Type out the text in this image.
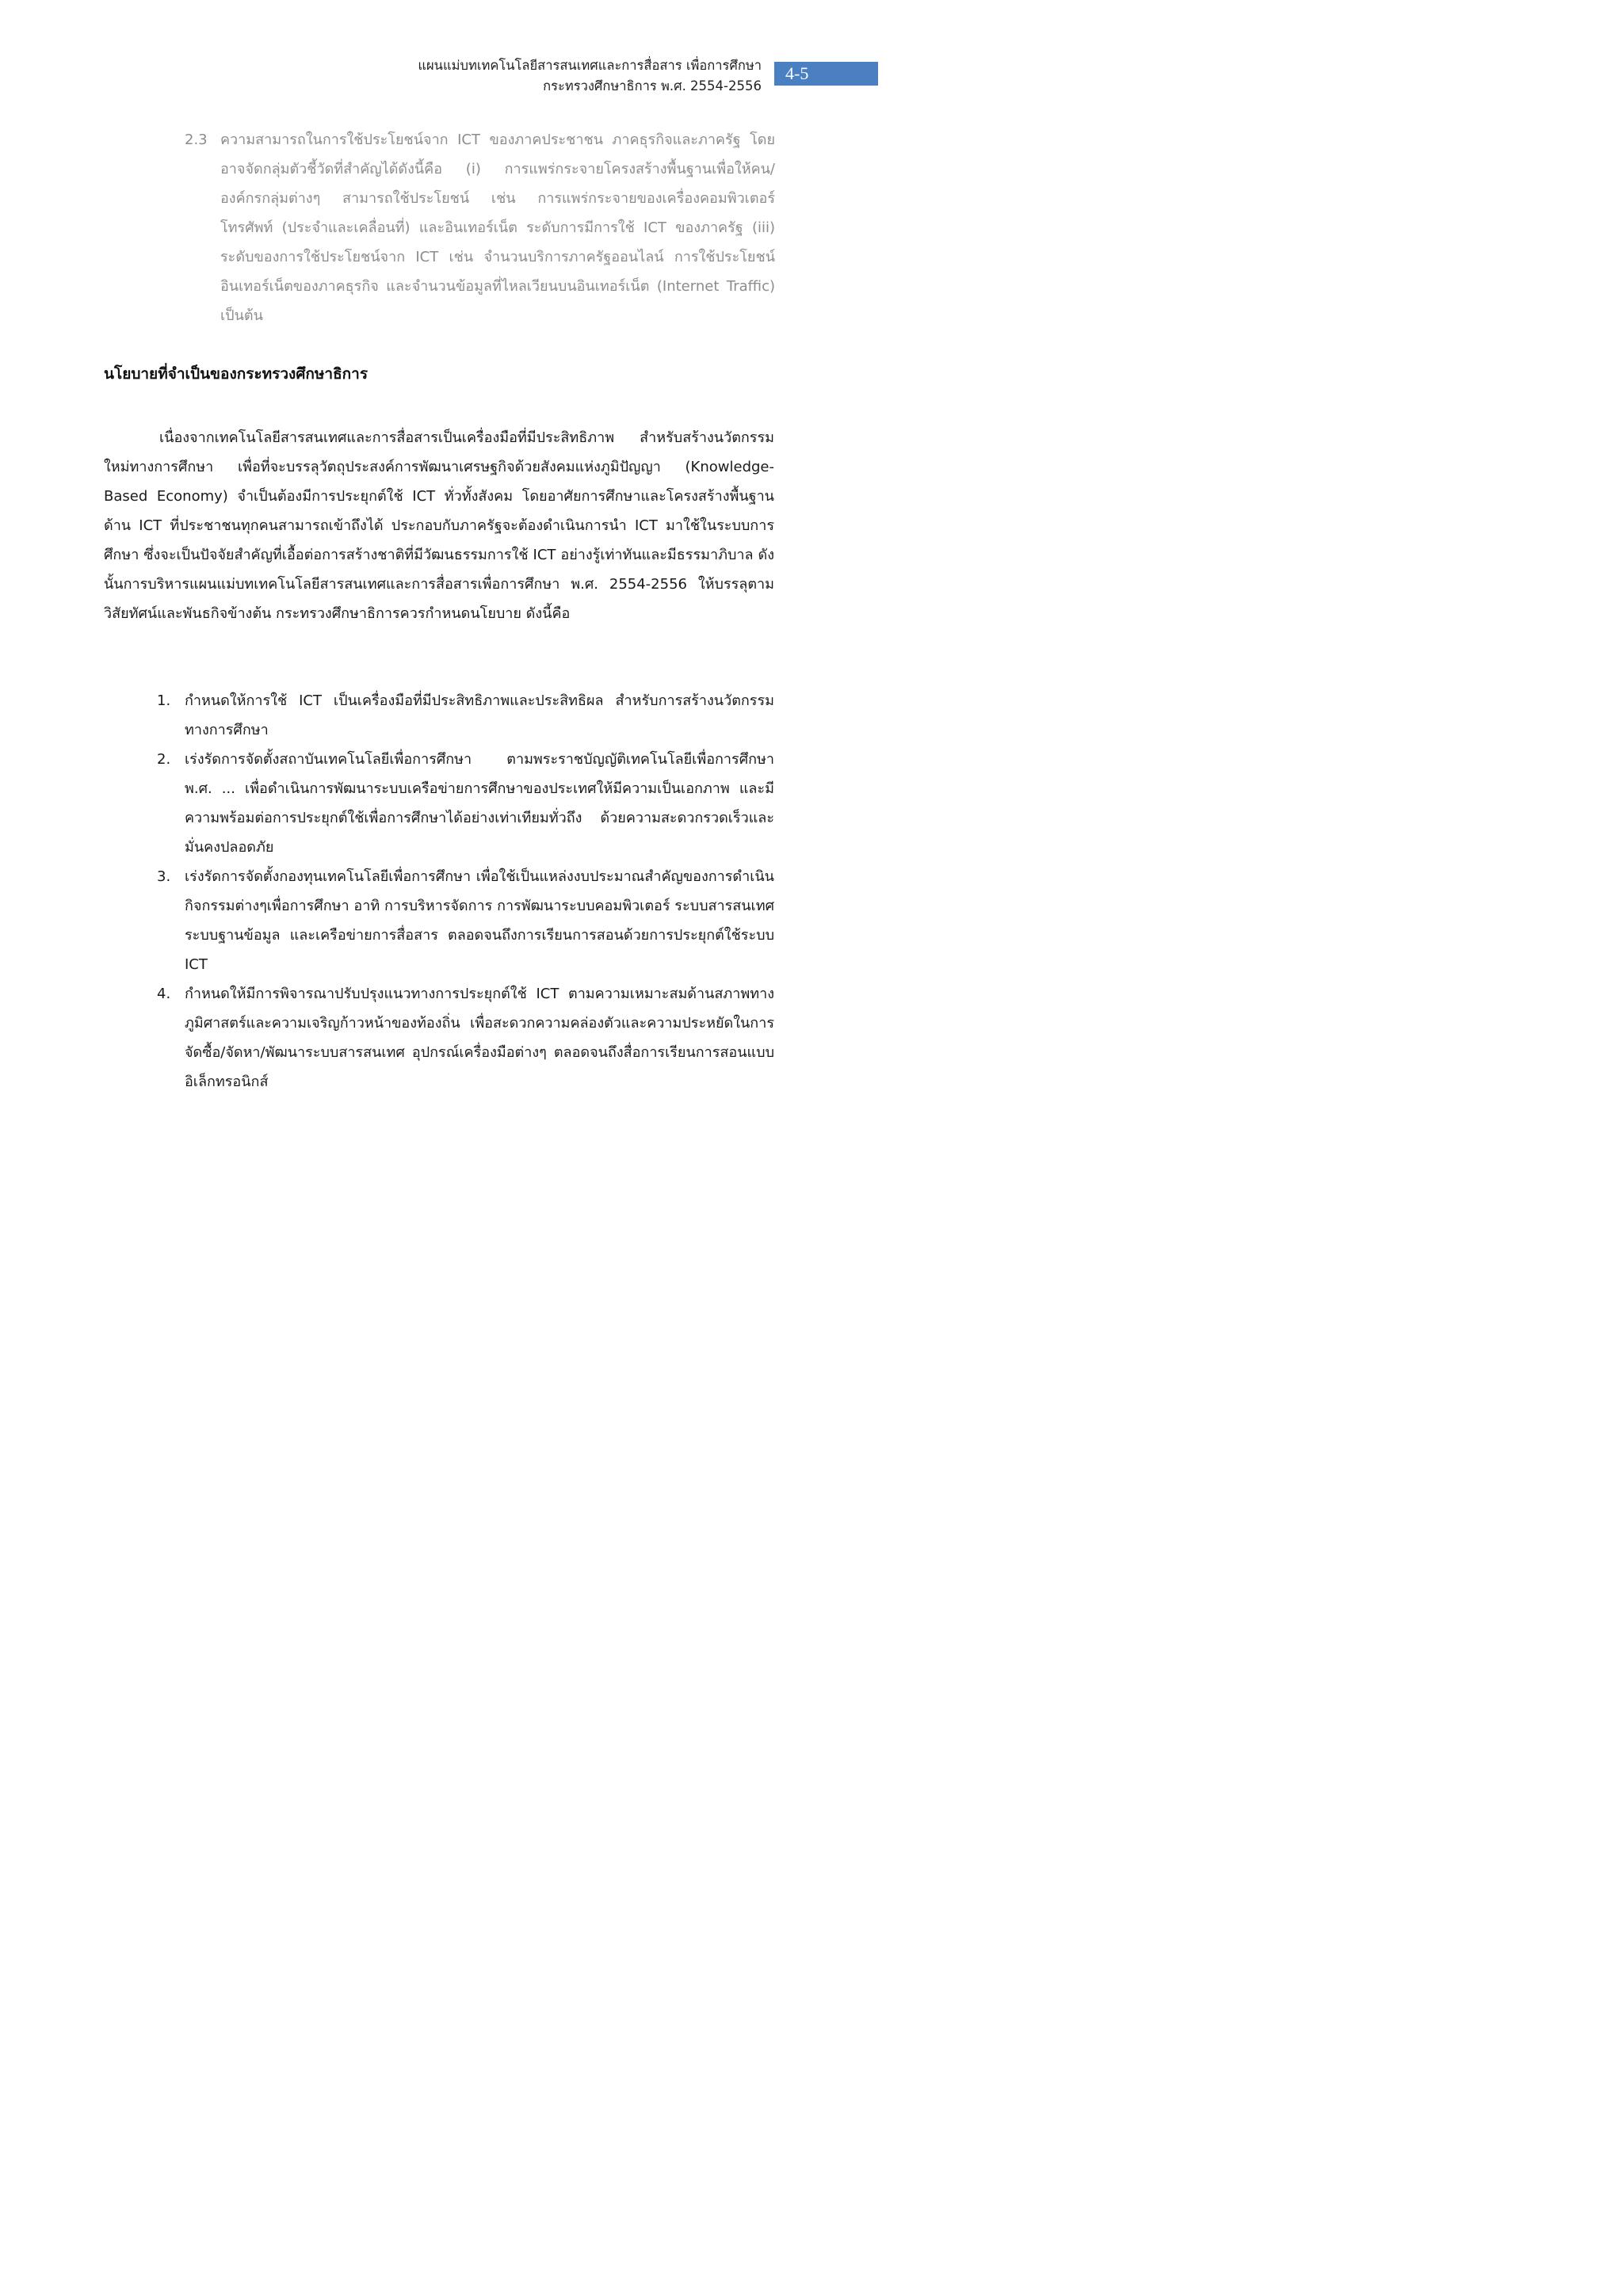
แผนแม่บทเทคโนโลยีสารสนเทศและการสื่อสาร เพื่อการศึกษา
กระทรวงศึกษาธิการ พ.ศ. 2554-2556
4-5
2.3 ความสามารถในการใช้ประโยชน์จาก ICT ของภาคประชาชน ภาคธุรกิจและภาครัฐ โดยอาจจัดกลุ่มตัวชี้วัดที่สำคัญได้ดังนี้คือ (i) การแพร่กระจายโครงสร้างพื้นฐานเพื่อให้คน/องค์กรกลุ่มต่างๆ สามารถใช้ประโยชน์ เช่น การแพร่กระจายของเครื่องคอมพิวเตอร์ โทรศัพท์ (ประจำและเคลื่อนที่) และอินเทอร์เน็ต ระดับการมีการใช้ ICT ของภาครัฐ (iii) ระดับของการใช้ประโยชน์จาก ICT เช่น จำนวนบริการภาครัฐออนไลน์ การใช้ประโยชน์อินเทอร์เน็ตของภาคธุรกิจ และจำนวนข้อมูลที่ไหลเวียนบนอินเทอร์เน็ต (Internet Traffic) เป็นต้น
นโยบายที่จำเป็นของกระทรวงศึกษาธิการ
เนื่องจากเทคโนโลยีสารสนเทศและการสื่อสารเป็นเครื่องมือที่มีประสิทธิภาพ สำหรับสร้างนวัตกรรมใหม่ทางการศึกษา เพื่อที่จะบรรลุวัตถุประสงค์การพัฒนาเศรษฐกิจด้วยสังคมแห่งภูมิปัญญา (Knowledge-Based Economy) จำเป็นต้องมีการประยุกต์ใช้ ICT ทั่วทั้งสังคม โดยอาศัยการศึกษาและโครงสร้างพื้นฐานด้าน ICT ที่ประชาชนทุกคนสามารถเข้าถึงได้ ประกอบกับภาครัฐจะต้องดำเนินการนำ ICT มาใช้ในระบบการศึกษา ซึ่งจะเป็นปัจจัยสำคัญที่เอื้อต่อการสร้างชาติที่มีวัฒนธรรมการใช้ ICT อย่างรู้เท่าทันและมีธรรมาภิบาล ดังนั้นการบริหารแผนแม่บทเทคโนโลยีสารสนเทศและการสื่อสารเพื่อการศึกษา พ.ศ. 2554-2556 ให้บรรลุตามวิสัยทัศน์และพันธกิจข้างต้น กระทรวงศึกษาธิการควรกำหนดนโยบาย ดังนี้คือ
1. กำหนดให้การใช้ ICT เป็นเครื่องมือที่มีประสิทธิภาพและประสิทธิผล สำหรับการสร้างนวัตกรรมทางการศึกษา
2. เร่งรัดการจัดตั้งสถาบันเทคโนโลยีเพื่อการศึกษา ตามพระราชบัญญัติเทคโนโลยีเพื่อการศึกษา พ.ศ. ... เพื่อดำเนินการพัฒนาระบบเครือข่ายการศึกษาของประเทศให้มีความเป็นเอกภาพ และมีความพร้อมต่อการประยุกต์ใช้เพื่อการศึกษาได้อย่างเท่าเทียมทั่วถึง ด้วยความสะดวกรวดเร็วและมั่นคงปลอดภัย
3. เร่งรัดการจัดตั้งกองทุนเทคโนโลยีเพื่อการศึกษา เพื่อใช้เป็นแหล่งงบประมาณสำคัญของการดำเนินกิจกรรมต่างๆเพื่อการศึกษา อาทิ การบริหารจัดการ การพัฒนาระบบคอมพิวเตอร์ ระบบสารสนเทศ ระบบฐานข้อมูล และเครือข่ายการสื่อสาร ตลอดจนถึงการเรียนการสอนด้วยการประยุกต์ใช้ระบบ ICT
4. กำหนดให้มีการพิจารณาปรับปรุงแนวทางการประยุกต์ใช้ ICT ตามความเหมาะสมด้านสภาพทางภูมิศาสตร์และความเจริญก้าวหน้าของท้องถิ่น เพื่อสะดวกความคล่องตัวและความประหยัดในการจัดซื้อ/จัดหา/พัฒนาระบบสารสนเทศ อุปกรณ์เครื่องมือต่างๆ ตลอดจนถึงสื่อการเรียนการสอนแบบอิเล็กทรอนิกส์
